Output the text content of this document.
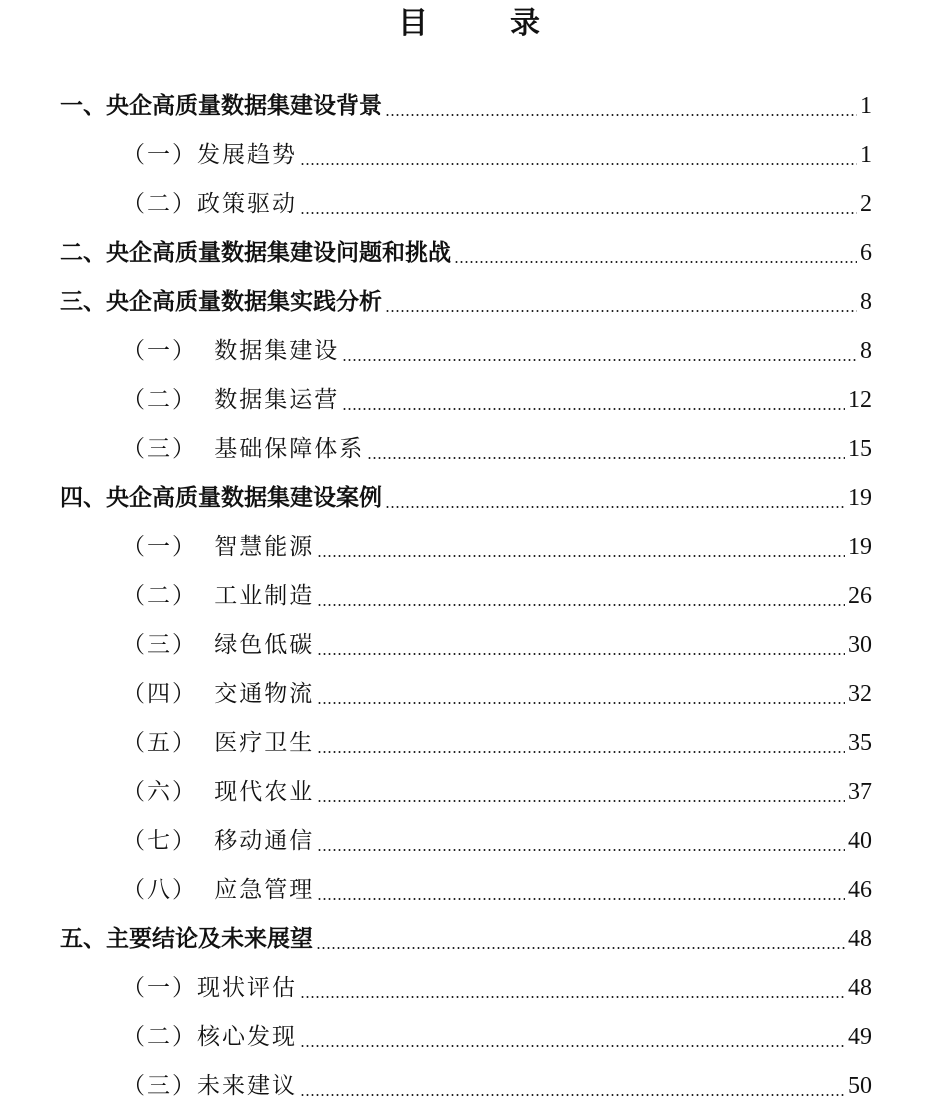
目　录
一、央企高质量数据集建设背景	1
（一）发展趋势	1
（二）政策驱动	2
二、央企高质量数据集建设问题和挑战	6
三、央企高质量数据集实践分析	8
（一） 数据集建设	8
（二） 数据集运营	12
（三） 基础保障体系	15
四、央企高质量数据集建设案例	19
（一） 智慧能源	19
（二） 工业制造	26
（三） 绿色低碳	30
（四） 交通物流	32
（五） 医疗卫生	35
（六） 现代农业	37
（七） 移动通信	40
（八） 应急管理	46
五、主要结论及未来展望	48
（一）现状评估	48
（二）核心发现	49
（三）未来建议	50
